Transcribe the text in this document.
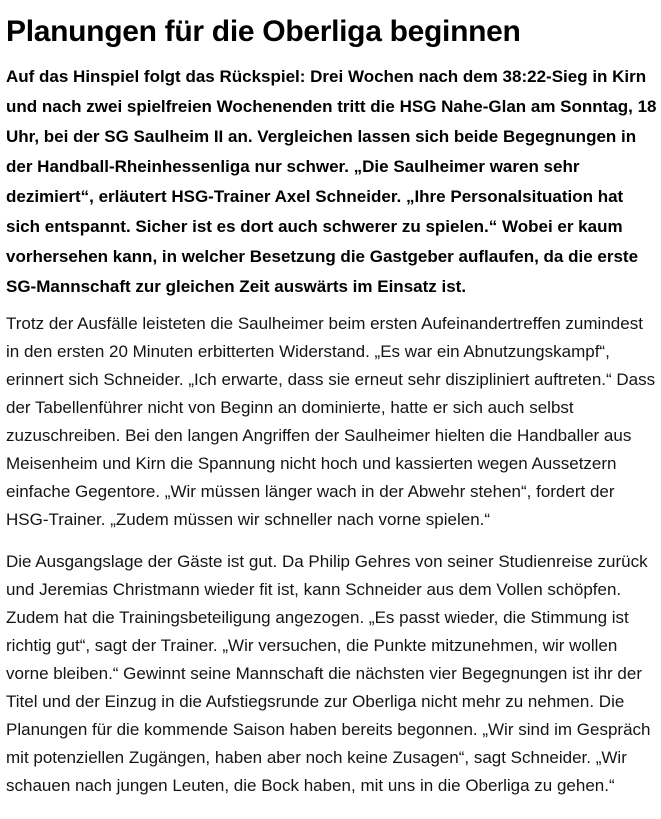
Planungen für die Oberliga beginnen

Auf das Hinspiel folgt das Rückspiel: Drei Wochen nach dem 38:22-Sieg in Kirn und nach zwei spielfreien Wochenenden tritt die HSG Nahe-Glan am Sonntag, 18 Uhr, bei der SG Saulheim II an. Vergleichen lassen sich beide Begegnungen in der Handball-Rheinhessenliga nur schwer. „Die Saulheimer waren sehr dezimiert“, erläutert HSG-Trainer Axel Schneider. „Ihre Personalsituation hat sich entspannt. Sicher ist es dort auch schwerer zu spielen.“ Wobei er kaum vorhersehen kann, in welcher Besetzung die Gastgeber auflaufen, da die erste SG-Mannschaft zur gleichen Zeit auswärts im Einsatz ist.

Trotz der Ausfälle leisteten die Saulheimer beim ersten Aufeinandertreffen zumindest in den ersten 20 Minuten erbitterten Widerstand. „Es war ein Abnutzungskampf“, erinnert sich Schneider. „Ich erwarte, dass sie erneut sehr diszipliniert auftreten.“ Dass der Tabellenführer nicht von Beginn an dominierte, hatte er sich auch selbst zuzuschreiben. Bei den langen Angriffen der Saulheimer hielten die Handballer aus Meisenheim und Kirn die Spannung nicht hoch und kassierten wegen Aussetzern einfache Gegentore. „Wir müssen länger wach in der Abwehr stehen“, fordert der HSG-Trainer. „Zudem müssen wir schneller nach vorne spielen.“

Die Ausgangslage der Gäste ist gut. Da Philip Gehres von seiner Studienreise zurück und Jeremias Christmann wieder fit ist, kann Schneider aus dem Vollen schöpfen. Zudem hat die Trainingsbeteiligung angezogen. „Es passt wieder, die Stimmung ist richtig gut“, sagt der Trainer. „Wir versuchen, die Punkte mitzunehmen, wir wollen vorne bleiben.“ Gewinnt seine Mannschaft die nächsten vier Begegnungen ist ihr der Titel und der Einzug in die Aufstiegsrunde zur Oberliga nicht mehr zu nehmen. Die Planungen für die kommende Saison haben bereits begonnen. „Wir sind im Gespräch mit potenziellen Zugängen, haben aber noch keine Zusagen“, sagt Schneider. „Wir schauen nach jungen Leuten, die Bock haben, mit uns in die Oberliga zu gehen.“
